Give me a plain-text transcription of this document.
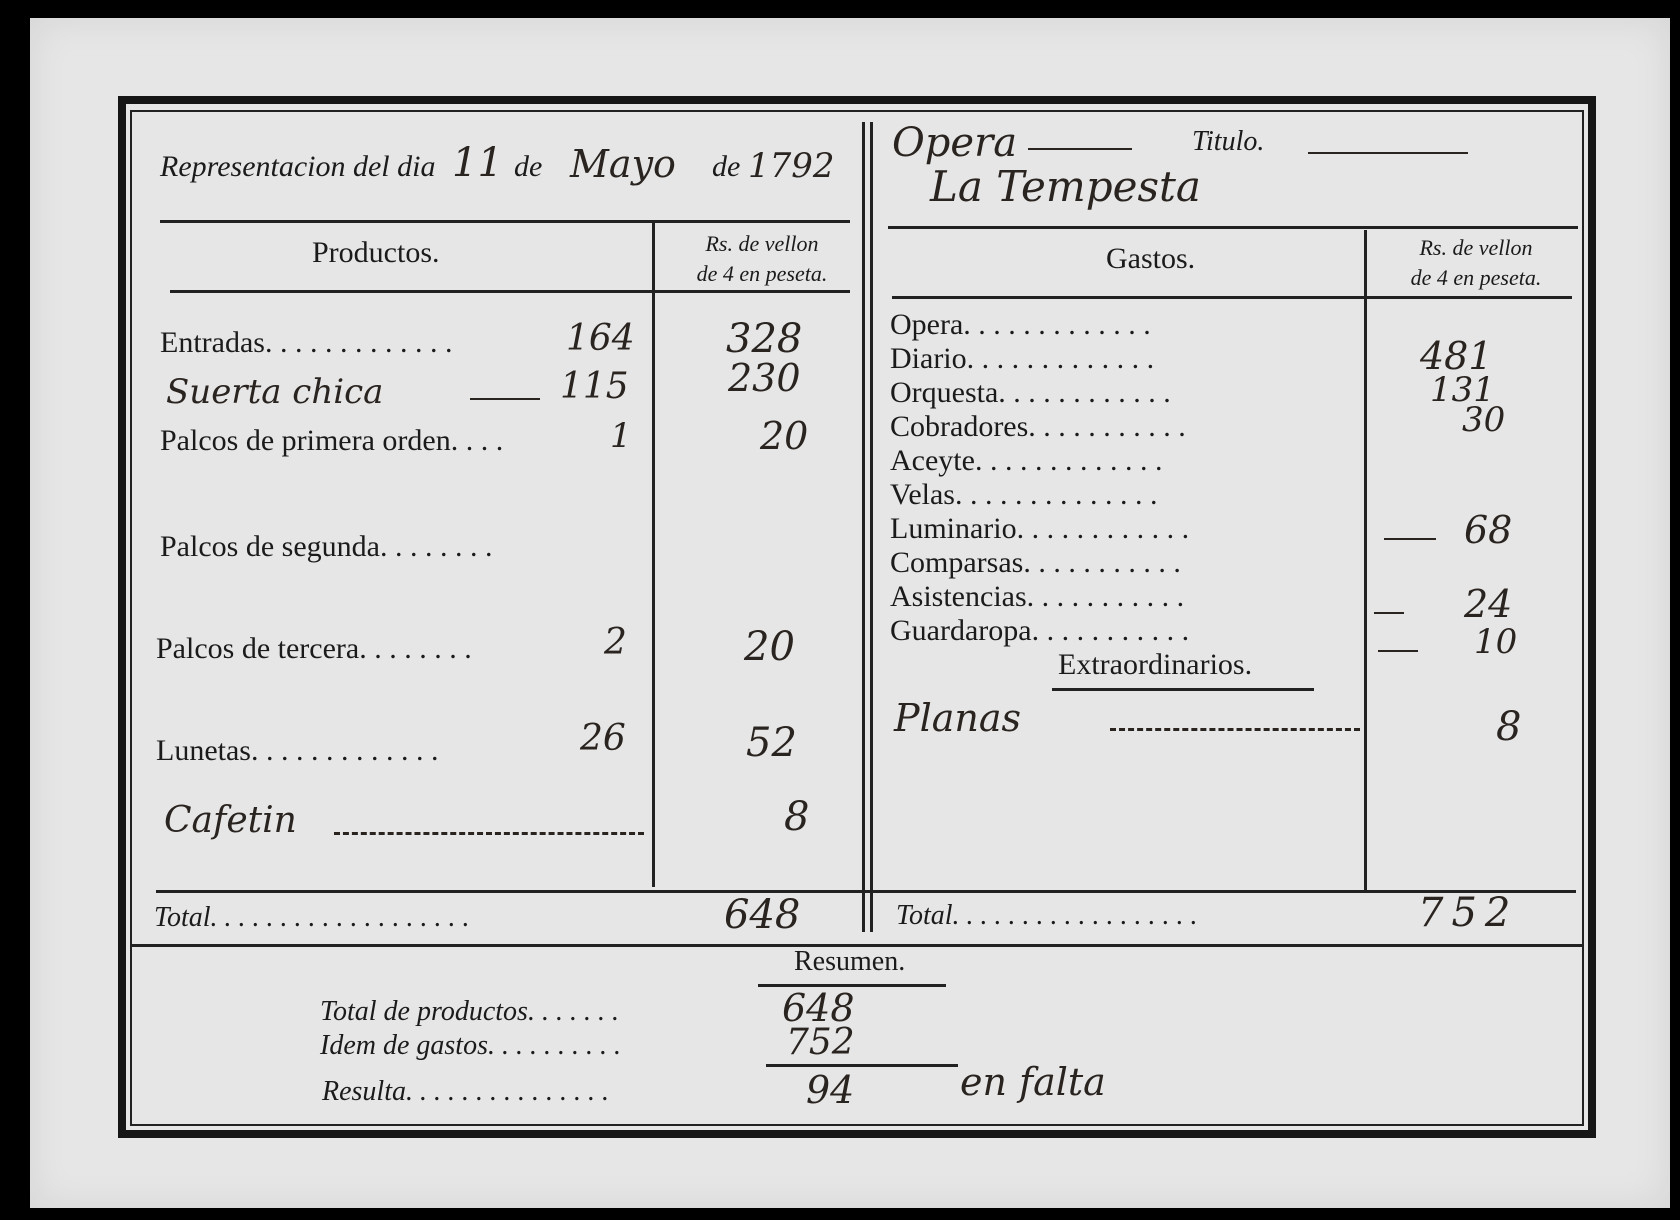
Representacion del dia 11 de Mayo de 1792 Opera	Titulo.
La Tempesta
Productos.	Rs. de vellon
de 4 en peseta.
Entradas. . . . . . . . . . . . .	164 328
Suerta chica	115	230
Palcos de primera orden. . . .	1	20
Palcos de segunda. . . . . . . .
Palcos de tercera. . . . . . . .	2	20
Lunetas. . . . . . . . . . . . .	26	52
Cafetin	8
Total. . . . . . . . . . . . . . . . . . .	648
Gastos.	Rs. de vellon
de 4 en peseta.
Opera. . . . . . . . . . . . .
Diario. . . . . . . . . . . . .	481
Orquesta. . . . . . . . . . . .	131
Cobradores. . . . . . . . . . .	30
Aceyte. . . . . . . . . . . . .
Velas. . . . . . . . . . . . . .
Luminario. . . . . . . . . . . .	68
Comparsas. . . . . . . . . . .
Asistencias. . . . . . . . . . .	24
Guardaropa. . . . . . . . . . .	10
Extraordinarios.
Planas	8
Total. . . . . . . . . . . . . . . . . .	752
Resumen.
Total de productos. . . . . . .	648
Idem de gastos. . . . . . . . . .	752
Resulta. . . . . . . . . . . . . . .	94	en falta
